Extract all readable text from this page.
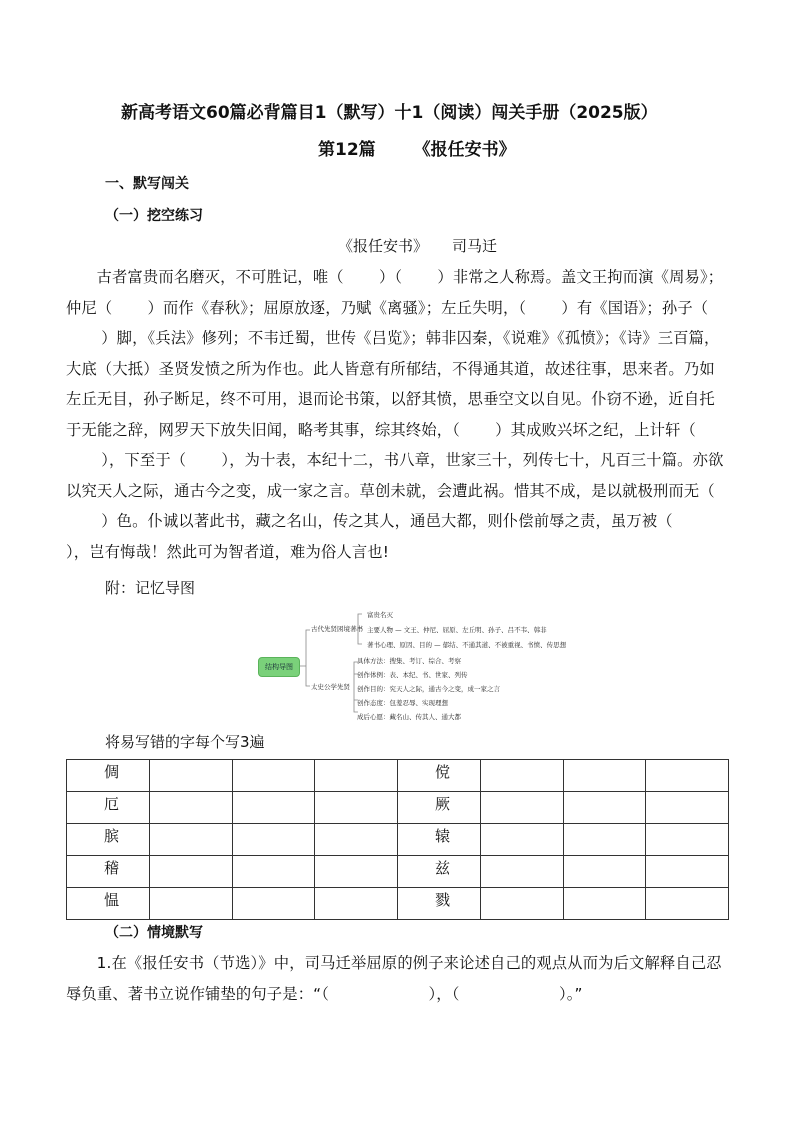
新高考语文60篇必背篇目1（默写）十1（阅读）闯关手册（2025版）
第12篇 《报任安书》
一、默写闯关
（一）挖空练习
《报任安书》 司马迁
古者富贵而名磨灭，不可胜记，唯（ ）（ ）非常之人称焉。盖文王拘而演《周易》；仲尼（ ）而作《春秋》；屈原放逐，乃赋《离骚》；左丘失明，（ ）有《国语》；孙子（）脚，《兵法》修列；不韦迁蜀，世传《吕览》；韩非囚秦，《说难》《孤愤》；《诗》三百篇，大底（大抵）圣贤发愤之所为作也。此人皆意有所郁结，不得通其道，故述往事，思来者。乃如左丘无目，孙子断足，终不可用，退而论书策，以舒其愤，思垂空文以自见。仆窃不逊，近自托于无能之辞，网罗天下放失旧闻，略考其事，综其终始，（ ）其成败兴坏之纪，上计轩（），下至于（ ），为十表，本纪十二，书八章，世家三十，列传七十，凡百三十篇。亦欲以究天人之际，通古今之变，成一家之言。草创未就，会遭此祸。惜其不成，是以就极刑而无（）色。仆诚以著此书，藏之名山，传之其人，通邑大都，则仆偿前辱之责，虽万被（），岂有悔哉！然此可为智者道，难为俗人言也!
附：记忆导图
结构导图
古代先贤困境著书
富贵名灭
主要人物 — 文王、仲尼、屈原、左丘明、孙子、吕不韦、韩非
著书心理、原因、目的 — 郁结、不通其道、不被重视、书愤、传思想
太史公学先贤
具体方法：搜集、考订、综合、考察
创作体例：表、本纪、书、世家、列传
创作目的：究天人之际，通古今之变，成一家之言
创作态度：包羞忍辱、实现理想
成后心愿：藏名山、传其人、通大都
将易写错的字每个写3遍
倜				傥			
厄				厥			
膑				辕			
稽				兹			
愠				戮			
（二）情境默写
1.在《报任安书（节选）》中，司马迁举屈原的例子来论述自己的观点从而为后文解释自己忍辱负重、著书立说作铺垫的句子是：“（	），（	）。”
